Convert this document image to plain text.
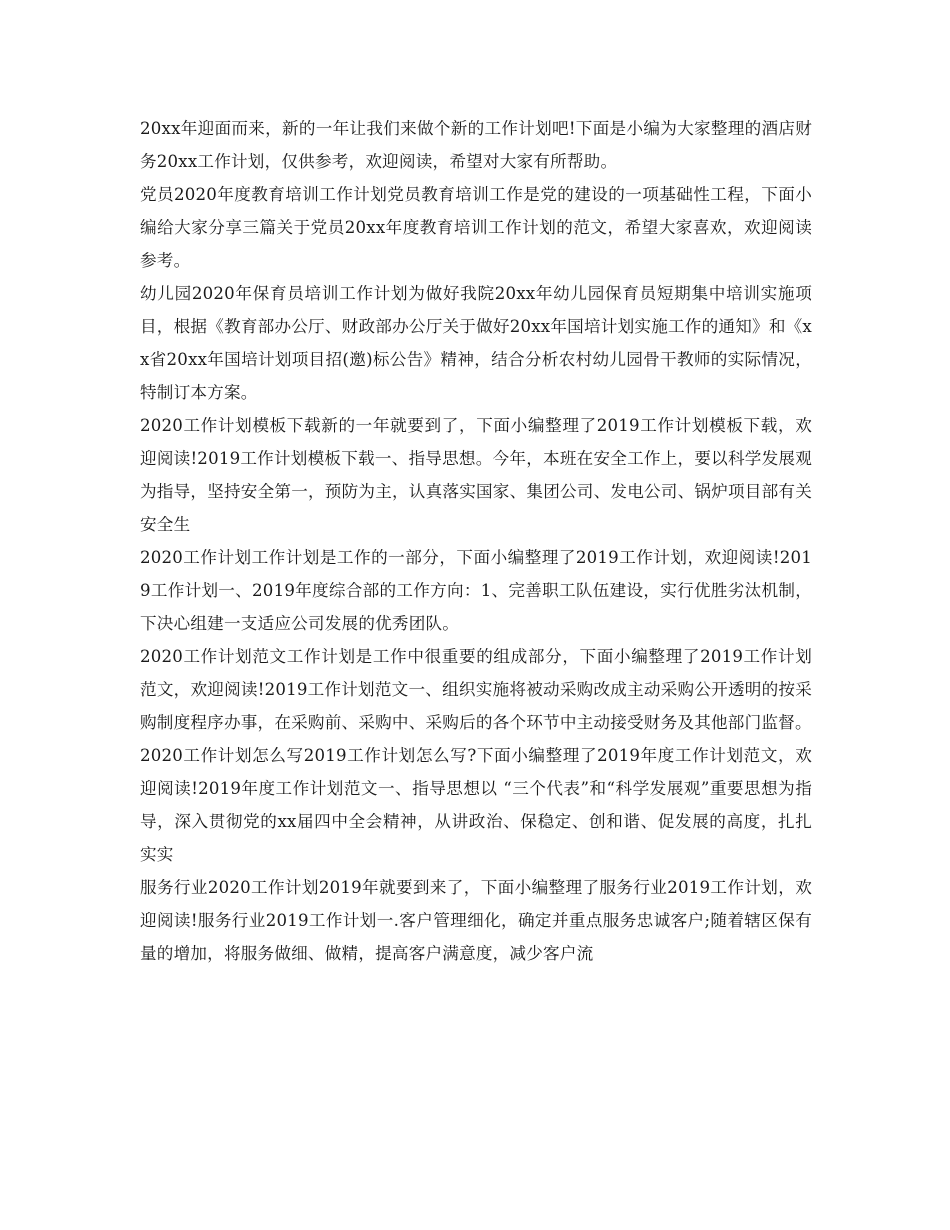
20xx年迎面而来，新的一年让我们来做个新的工作计划吧!下面是小编为大家整理的酒店财务20xx工作计划，仅供参考，欢迎阅读，希望对大家有所帮助。

党员2020年度教育培训工作计划党员教育培训工作是党的建设的一项基础性工程，下面小编给大家分享三篇关于党员20xx年度教育培训工作计划的范文，希望大家喜欢，欢迎阅读参考。

幼儿园2020年保育员培训工作计划为做好我院20xx年幼儿园保育员短期集中培训实施项目，根据《教育部办公厅、财政部办公厅关于做好20xx年国培计划实施工作的通知》和《xx省20xx年国培计划项目招(邀)标公告》精神，结合分析农村幼儿园骨干教师的实际情况，特制订本方案。

2020工作计划模板下载新的一年就要到了，下面小编整理了2019工作计划模板下载，欢迎阅读!2019工作计划模板下载一、指导思想。今年，本班在安全工作上，要以科学发展观为指导，坚持安全第一，预防为主，认真落实国家、集团公司、发电公司、锅炉项目部有关安全生

2020工作计划工作计划是工作的一部分，下面小编整理了2019工作计划，欢迎阅读!2019工作计划一、2019年度综合部的工作方向：1、完善职工队伍建设，实行优胜劣汰机制，下决心组建一支适应公司发展的优秀团队。

2020工作计划范文工作计划是工作中很重要的组成部分，下面小编整理了2019工作计划范文，欢迎阅读!2019工作计划范文一、组织实施将被动采购改成主动采购公开透明的按采购制度程序办事，在采购前、采购中、采购后的各个环节中主动接受财务及其他部门监督。

2020工作计划怎么写2019工作计划怎么写?下面小编整理了2019年度工作计划范文，欢迎阅读!2019年度工作计划范文一、指导思想以 “三个代表”和“科学发展观”重要思想为指导，深入贯彻党的xx届四中全会精神，从讲政治、保稳定、创和谐、促发展的高度，扎扎实实

服务行业2020工作计划2019年就要到来了，下面小编整理了服务行业2019工作计划，欢迎阅读!服务行业2019工作计划一.客户管理细化，确定并重点服务忠诚客户;随着辖区保有量的增加，将服务做细、做精，提高客户满意度，减少客户流
